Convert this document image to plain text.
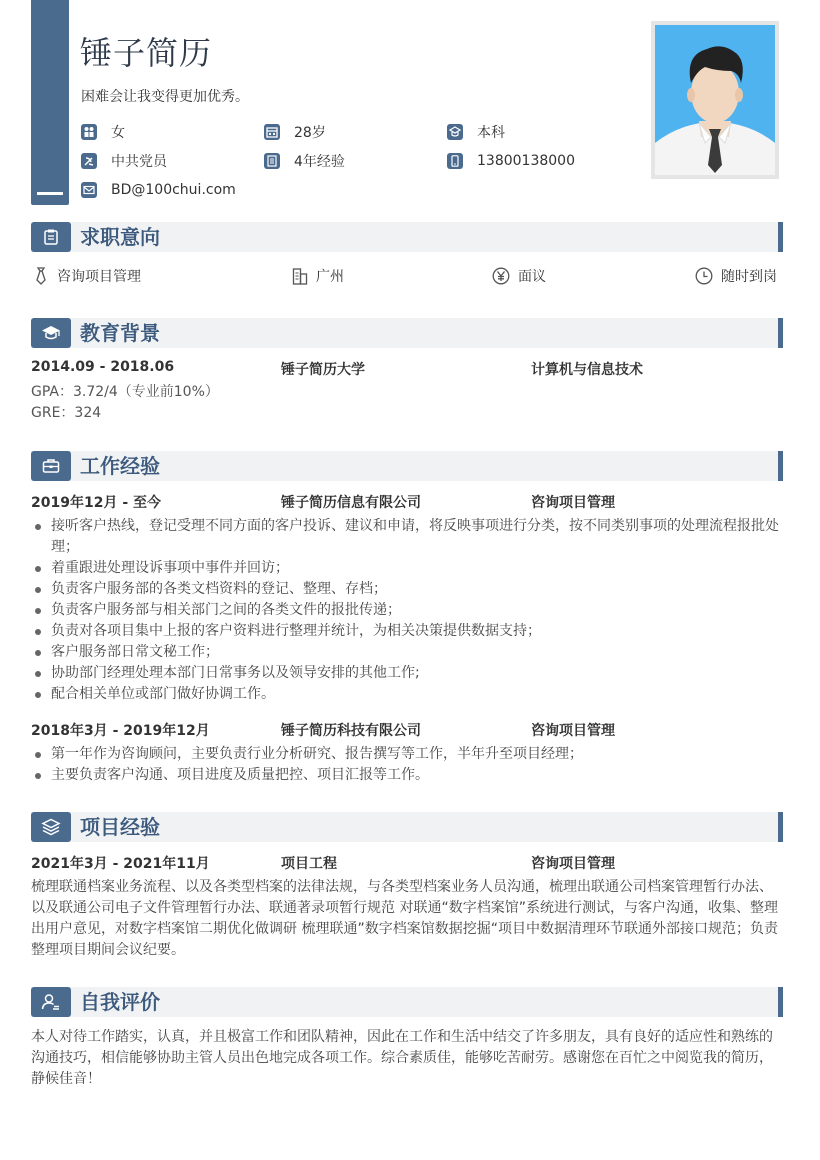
锤子简历
困难会让我变得更加优秀。
女	28岁	本科
中共党员	4年经验	13800138000
BD@100chui.com
求职意向
咨询项目管理	广州	面议	随时到岗
教育背景
2014.09 - 2018.06	锤子简历大学	计算机与信息技术
GPA：3.72/4（专业前10%）
GRE：324
工作经验
2019年12月 - 至今	锤子简历信息有限公司	咨询项目管理
接听客户热线，登记受理不同方面的客户投诉、建议和申请，将反映事项进行分类，按不同类别事项的处理流程报批处理；
着重跟进处理设诉事项中事件并回访；
负责客户服务部的各类文档资料的登记、整理、存档；
负责客户服务部与相关部门之间的各类文件的报批传递；
负责对各项目集中上报的客户资料进行整理并统计，为相关决策提供数据支持；
客户服务部日常文秘工作；
协助部门经理处理本部门日常事务以及领导安排的其他工作;
配合相关单位或部门做好协调工作。
2018年3月 - 2019年12月	锤子简历科技有限公司	咨询项目管理
第一年作为咨询顾问，主要负责行业分析研究、报告撰写等工作，半年升至项目经理；
主要负责客户沟通、项目进度及质量把控、项目汇报等工作。
项目经验
2021年3月 - 2021年11月	项目工程	咨询项目管理
梳理联通档案业务流程、以及各类型档案的法律法规，与各类型档案业务人员沟通，梳理出联通公司档案管理暂行办法、以及联通公司电子文件管理暂行办法、联通著录项暂行规范 对联通“数字档案馆”系统进行测试，与客户沟通，收集、整理出用户意见，对数字档案馆二期优化做调研 梳理联通”数字档案馆数据挖掘“项目中数据清理环节联通外部接口规范；负责整理项目期间会议纪要。
自我评价
本人对待工作踏实，认真，并且极富工作和团队精神，因此在工作和生活中结交了许多朋友，具有良好的适应性和熟练的沟通技巧，相信能够协助主管人员出色地完成各项工作。综合素质佳，能够吃苦耐劳。感谢您在百忙之中阅览我的简历，静候佳音！
